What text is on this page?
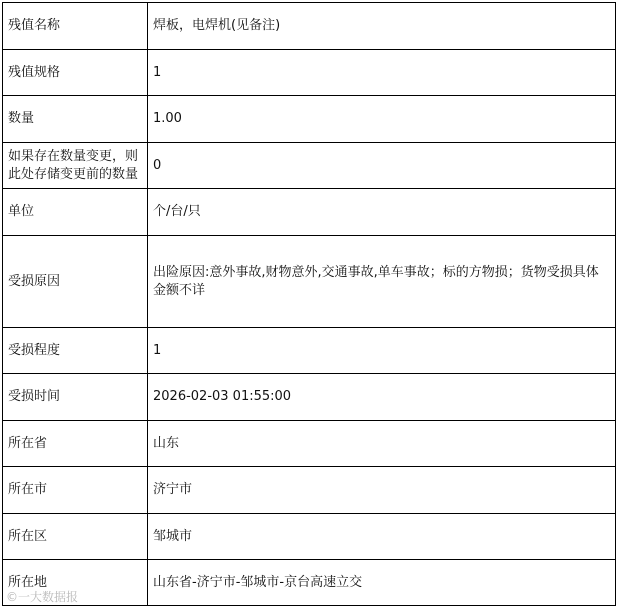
残值名称	焊板，电焊机(见备注)
残值规格	1
数量	1.00
如果存在数量变更，则此处存储变更前的数量	0
单位	个/台/只
受损原因	出险原因:意外事故,财物意外,交通事故,单车事故；标的方物损；货物受损具体金额不详
受损程度	1
受损时间	2026-02-03 01:55:00
所在省	山东
所在市	济宁市
所在区	邹城市
所在地	山东省-济宁市-邹城市-京台高速立交
©一大数据报
